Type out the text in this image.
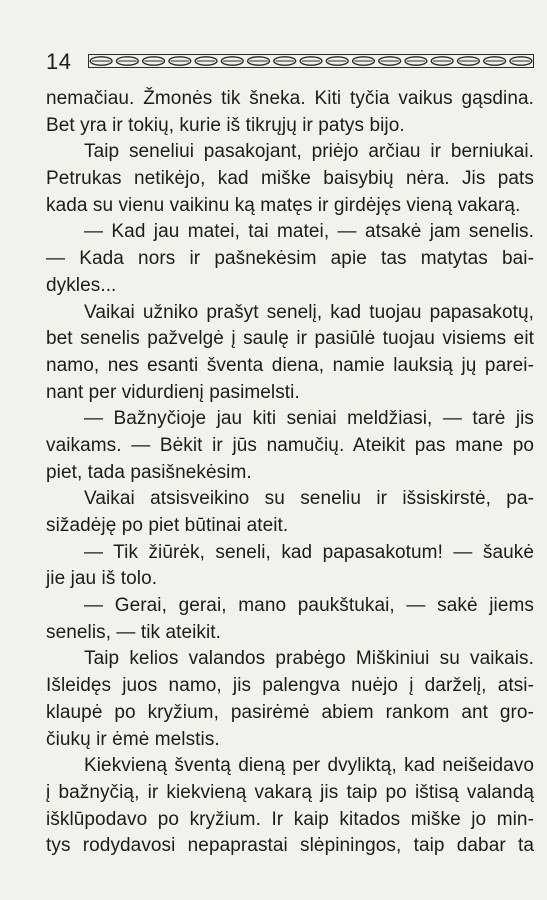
14
nemačiau. Žmonės tik šneka. Kiti tyčia vaikus gąsdina.
Bet yra ir tokių, kurie iš tikrųjų ir patys bijo.
Taip seneliui pasakojant, priėjo arčiau ir berniukai.
Petrukas netikėjo, kad miške baisybių nėra. Jis pats
kada su vienu vaikinu ką matęs ir girdėjęs vieną vakarą.
— Kad jau matei, tai matei, — atsakė jam senelis.
— Kada nors ir pašnekėsim apie tas matytas bai-
dykles...
Vaikai užniko prašyt senelį, kad tuojau papasakotų,
bet senelis pažvelgė į saulę ir pasiūlė tuojau visiems eit
namo, nes esanti šventa diena, namie lauksią jų parei-
nant per vidurdienį pasimelsti.
— Bažnyčioje jau kiti seniai meldžiasi, — tarė jis
vaikams. — Bėkit ir jūs namučių. Ateikit pas mane po
piet, tada pasišnekėsim.
Vaikai atsisveikino su seneliu ir išsiskirstė, pa-
sižadėję po piet būtinai ateit.
— Tik žiūrėk, seneli, kad papasakotum! — šaukė
jie jau iš tolo.
— Gerai, gerai, mano paukštukai, — sakė jiems
senelis, — tik ateikit.
Taip kelios valandos prabėgo Miškiniui su vaikais.
Išleidęs juos namo, jis palengva nuėjo į darželį, atsi-
klaupė po kryžium, pasirėmė abiem rankom ant gro-
čiukų ir ėmė melstis.
Kiekvieną šventą dieną per dvyliktą, kad neišeidavo
į bažnyčią, ir kiekvieną vakarą jis taip po ištisą valandą
išklūpodavo po kryžium. Ir kaip kitados miške jo min-
tys rodydavosi nepaprastai slėpiningos, taip dabar ta
